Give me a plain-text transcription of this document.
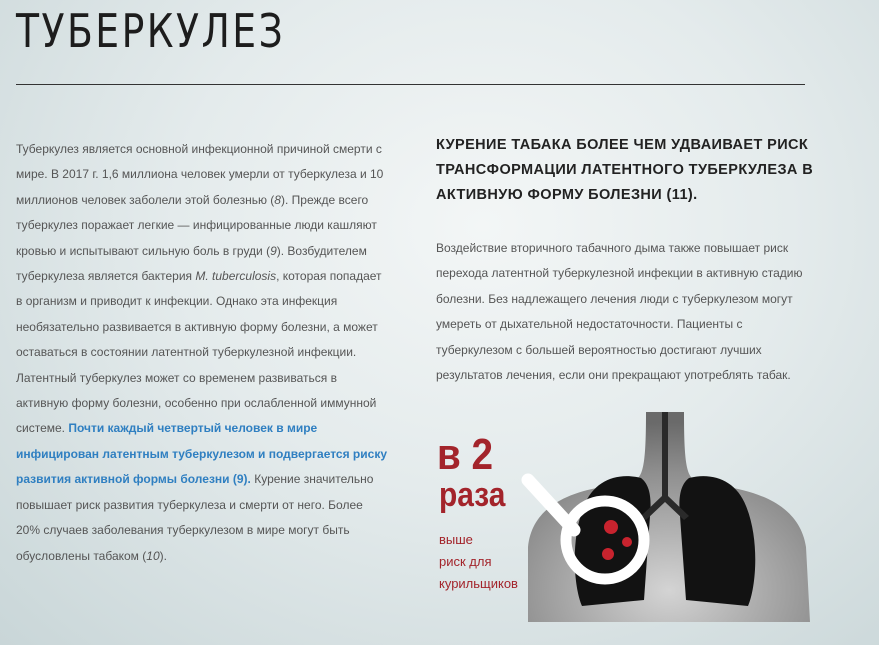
ТУБЕРКУЛЕЗ

Туберкулез является основной инфекционной причиной смерти с мире. В 2017 г. 1,6 миллиона человек умерли от туберкулеза и 10 миллионов человек заболели этой болезнью (8). Прежде всего туберкулез поражает легкие — инфицированные люди кашляют кровью и испытывают сильную боль в груди (9). Возбудителем туберкулеза является бактерия M. tuberculosis, которая попадает в организм и приводит к инфекции. Однако эта инфекция необязательно развивается в активную форму болезни, а может оставаться в состоянии латентной туберкулезной инфекции. Латентный туберкулез может со временем развиваться в активную форму болезни, особенно при ослабленной иммунной системе. Почти каждый четвертый человек в мире инфицирован латентным туберкулезом и подвергается риску развития активной формы болезни (9). Курение значительно повышает риск развития туберкулеза и смерти от него. Более 20% случаев заболевания туберкулезом в мире могут быть обусловлены табаком (10).

КУРЕНИЕ ТАБАКА БОЛЕЕ ЧЕМ УДВАИВАЕТ РИСК ТРАНСФОРМАЦИИ ЛАТЕНТНОГО ТУБЕРКУЛЕЗА В АКТИВНУЮ ФОРМУ БОЛЕЗНИ (11).

Воздействие вторичного табачного дыма также повышает риск перехода латентной туберкулезной инфекции в активную стадию болезни. Без надлежащего лечения люди с туберкулезом могут умереть от дыхательной недостаточности. Пациенты с туберкулезом с большей вероятностью достигают лучших результатов лечения, если они прекращают употреблять табак.

в 2
раза
выше
риск для
курильщиков
